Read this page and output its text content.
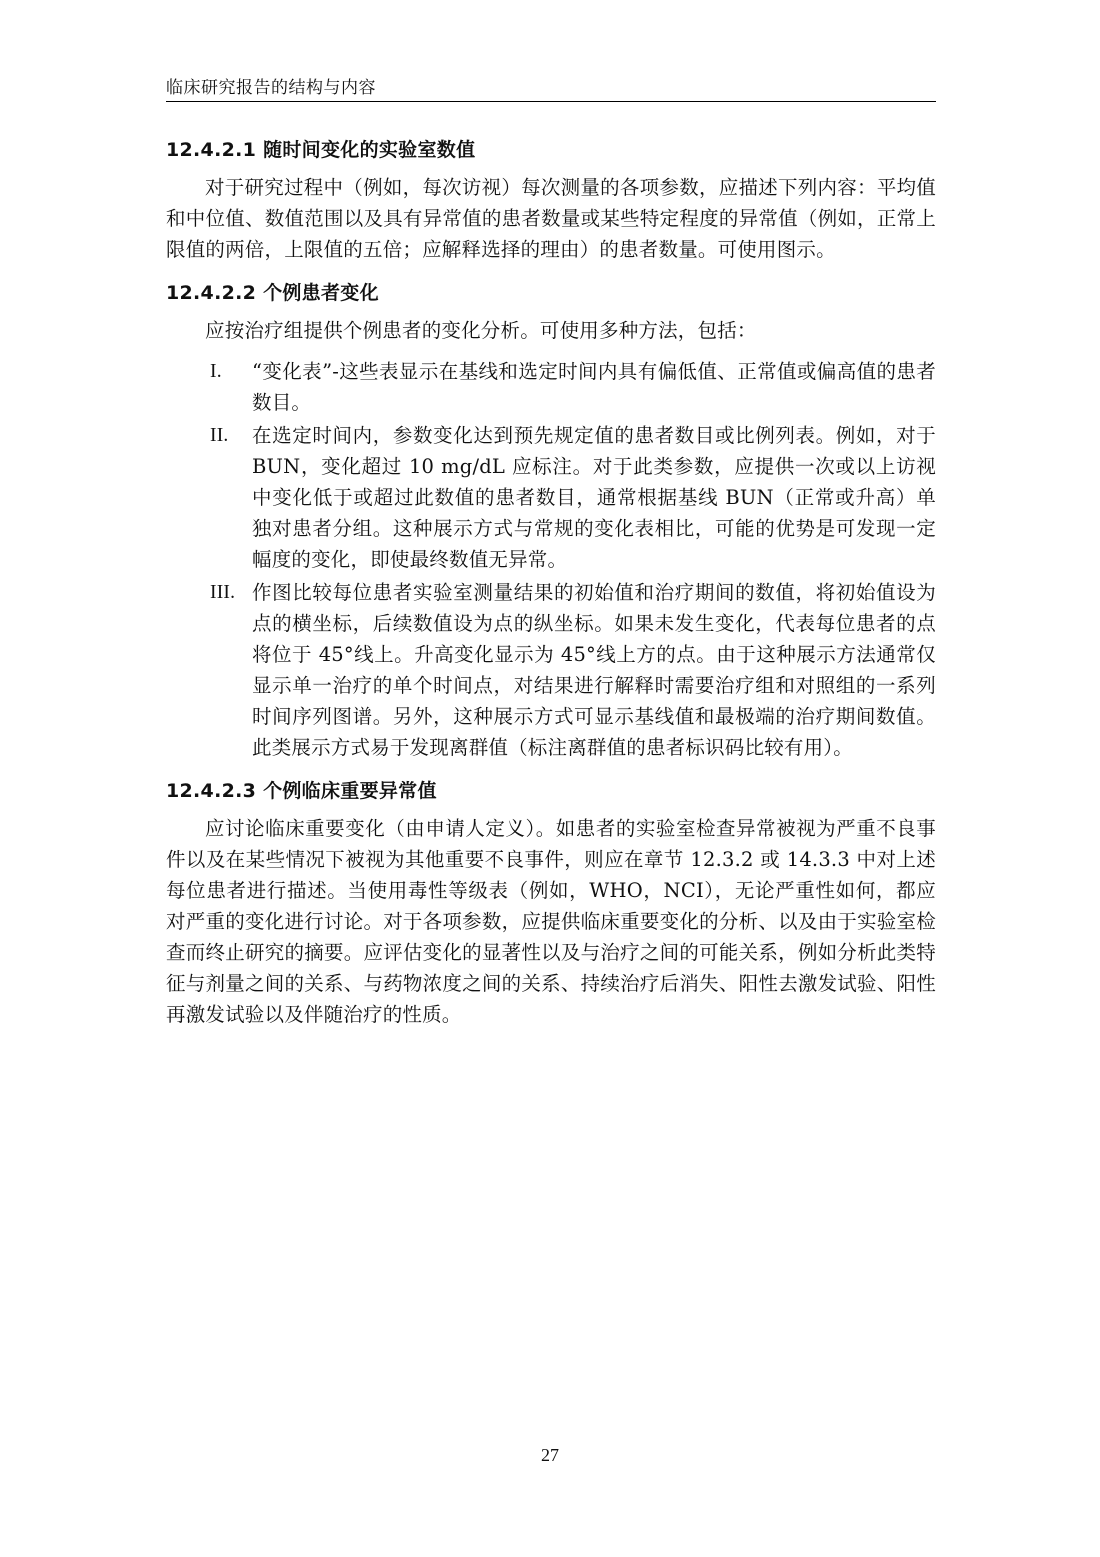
临床研究报告的结构与内容
12.4.2.1 随时间变化的实验室数值

对于研究过程中（例如，每次访视）每次测量的各项参数，应描述下列内容：平均值和中位值、数值范围以及具有异常值的患者数量或某些特定程度的异常值（例如，正常上限值的两倍，上限值的五倍；应解释选择的理由）的患者数量。可使用图示。

12.4.2.2 个例患者变化

应按治疗组提供个例患者的变化分析。可使用多种方法，包括：

I.	“变化表”-这些表显示在基线和选定时间内具有偏低值、正常值或偏高值的患者数目。
II.	在选定时间内，参数变化达到预先规定值的患者数目或比例列表。例如，对于 BUN，变化超过 10 mg/dL 应标注。对于此类参数，应提供一次或以上访视中变化低于或超过此数值的患者数目，通常根据基线 BUN（正常或升高）单独对患者分组。这种展示方式与常规的变化表相比，可能的优势是可发现一定幅度的变化，即使最终数值无异常。
III. 作图比较每位患者实验室测量结果的初始值和治疗期间的数值，将初始值设为点的横坐标，后续数值设为点的纵坐标。如果未发生变化，代表每位患者的点将位于 45°线上。升高变化显示为 45°线上方的点。由于这种展示方法通常仅显示单一治疗的单个时间点，对结果进行解释时需要治疗组和对照组的一系列时间序列图谱。另外，这种展示方式可显示基线值和最极端的治疗期间数值。此类展示方式易于发现离群值（标注离群值的患者标识码比较有用）。
12.4.2.3 个例临床重要异常值

应讨论临床重要变化（由申请人定义）。如患者的实验室检查异常被视为严重不良事件以及在某些情况下被视为其他重要不良事件，则应在章节 12.3.2 或 14.3.3 中对上述每位患者进行描述。当使用毒性等级表（例如，WHO，NCI），无论严重性如何，都应对严重的变化进行讨论。对于各项参数，应提供临床重要变化的分析、以及由于实验室检查而终止研究的摘要。应评估变化的显著性以及与治疗之间的可能关系，例如分析此类特征与剂量之间的关系、与药物浓度之间的关系、持续治疗后消失、阳性去激发试验、阳性再激发试验以及伴随治疗的性质。

27
